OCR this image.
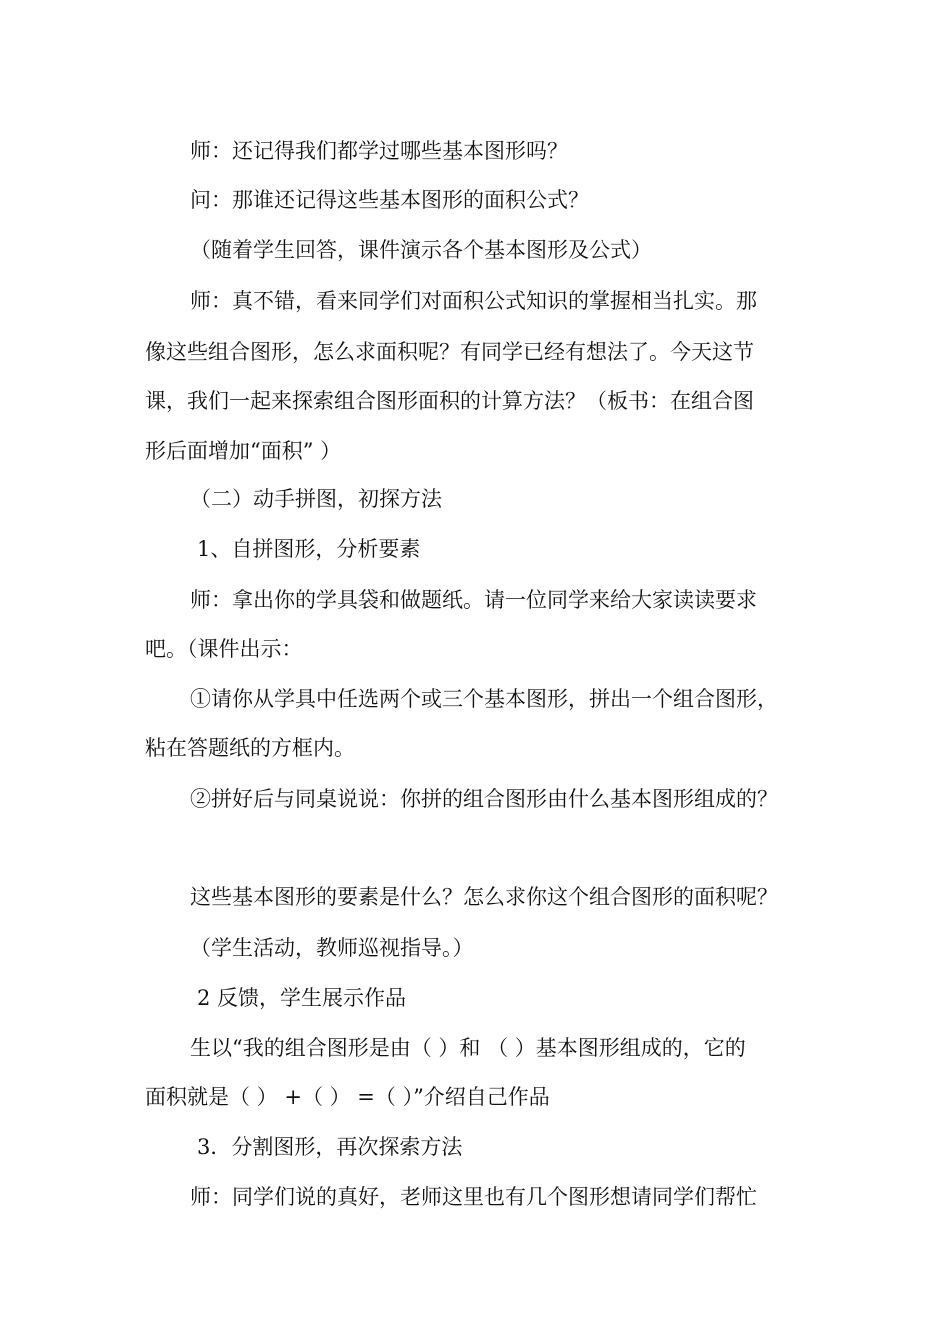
师：还记得我们都学过哪些基本图形吗？
问：那谁还记得这些基本图形的面积公式？
（随着学生回答，课件演示各个基本图形及公式）
师：真不错，看来同学们对面积公式知识的掌握相当扎实。那
像这些组合图形，怎么求面积呢？有同学已经有想法了。今天这节
课，我们一起来探索组合图形面积的计算方法？（板书：在组合图
形后面增加“面积” ）
（二）动手拼图，初探方法
1、自拼图形，分析要素
师：拿出你的学具袋和做题纸。请一位同学来给大家读读要求
吧。（课件出示：
①请你从学具中任选两个或三个基本图形，拼出一个组合图形，
粘在答题纸的方框内。
②拼好后与同桌说说：你拼的组合图形由什么基本图形组成的？
这些基本图形的要素是什么？怎么求你这个组合图形的面积呢？
（学生活动，教师巡视指导。）
2 反馈，学生展示作品
生以“我的组合图形是由（ ）和 （ ）基本图形组成的，它的
面积就是（ ） +（ ） =（ ）”介绍自己作品
3．分割图形，再次探索方法
师：同学们说的真好，老师这里也有几个图形想请同学们帮忙
